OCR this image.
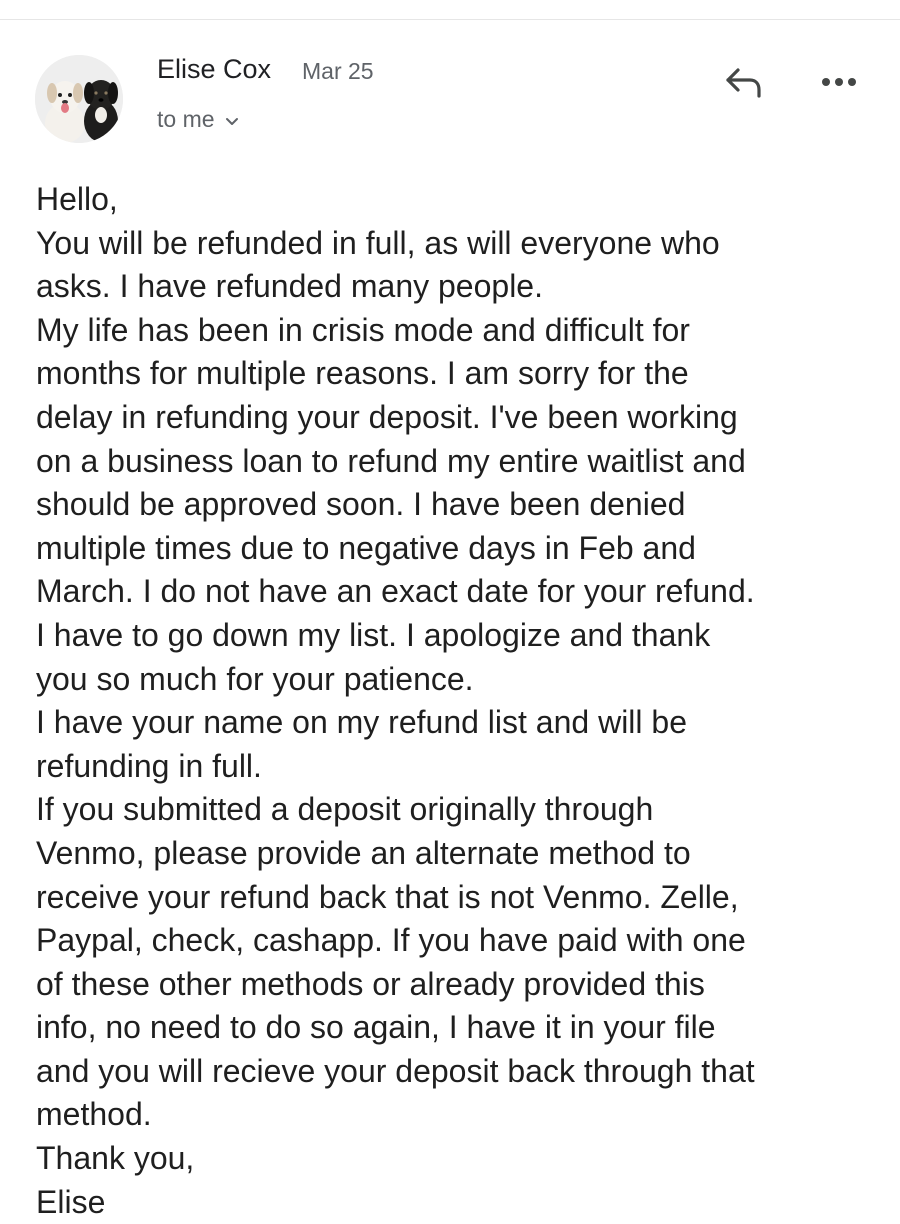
Elise Cox Mar 25
to me
Hello,
You will be refunded in full, as will everyone who
asks. I have refunded many people.
My life has been in crisis mode and difficult for
months for multiple reasons. I am sorry for the
delay in refunding your deposit. I've been working
on a business loan to refund my entire waitlist and
should be approved soon. I have been denied
multiple times due to negative days in Feb and
March. I do not have an exact date for your refund.
I have to go down my list. I apologize and thank
you so much for your patience.
I have your name on my refund list and will be
refunding in full.
If you submitted a deposit originally through
Venmo, please provide an alternate method to
receive your refund back that is not Venmo. Zelle,
Paypal, check, cashapp. If you have paid with one
of these other methods or already provided this
info, no need to do so again, I have it in your file
and you will recieve your deposit back through that
method.
Thank you,
Elise
